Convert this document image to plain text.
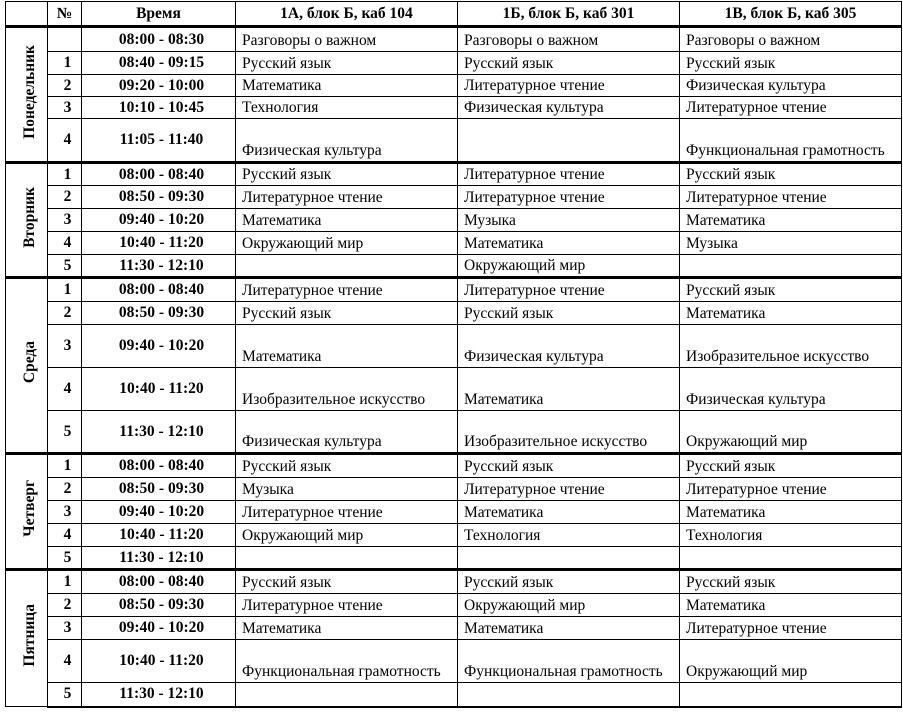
	№	Время	1А, блок Б, каб 104	1Б, блок Б, каб 301	1В, блок Б, каб 305
Понедельник		08:00 - 08:30	Разговоры о важном	Разговоры о важном	Разговоры о важном
	1	08:40 - 09:15	Русский язык	Русский язык	Русский язык
	2	09:20 - 10:00	Математика	Литературное чтение	Физическая культура
	3	10:10 - 10:45	Технология	Физическая культура	Литературное чтение
	4	11:05 - 11:40	Физическая культура		Функциональная грамотность
Вторник	1	08:00 - 08:40	Русский язык	Литературное чтение	Русский язык
	2	08:50 - 09:30	Литературное чтение	Литературное чтение	Литературное чтение
	3	09:40 - 10:20	Математика	Музыка	Математика
	4	10:40 - 11:20	Окружающий мир	Математика	Музыка
	5	11:30 - 12:10		Окружающий мир	
Среда	1	08:00 - 08:40	Литературное чтение	Литературное чтение	Русский язык
	2	08:50 - 09:30	Русский язык	Русский язык	Математика
	3	09:40 - 10:20	Математика	Физическая культура	Изобразительное искусство
	4	10:40 - 11:20	Изобразительное искусство	Математика	Физическая культура
	5	11:30 - 12:10	Физическая культура	Изобразительное искусство	Окружающий мир
Четверг	1	08:00 - 08:40	Русский язык	Русский язык	Русский язык
	2	08:50 - 09:30	Музыка	Литературное чтение	Литературное чтение
	3	09:40 - 10:20	Литературное чтение	Математика	Математика
	4	10:40 - 11:20	Окружающий мир	Технология	Технология
	5	11:30 - 12:10			
Пятница	1	08:00 - 08:40	Русский язык	Русский язык	Русский язык
	2	08:50 - 09:30	Литературное чтение	Окружающий мир	Математика
	3	09:40 - 10:20	Математика	Математика	Литературное чтение
	4	10:40 - 11:20	Функциональная грамотность	Функциональная грамотность	Окружающий мир
	5	11:30 - 12:10			
